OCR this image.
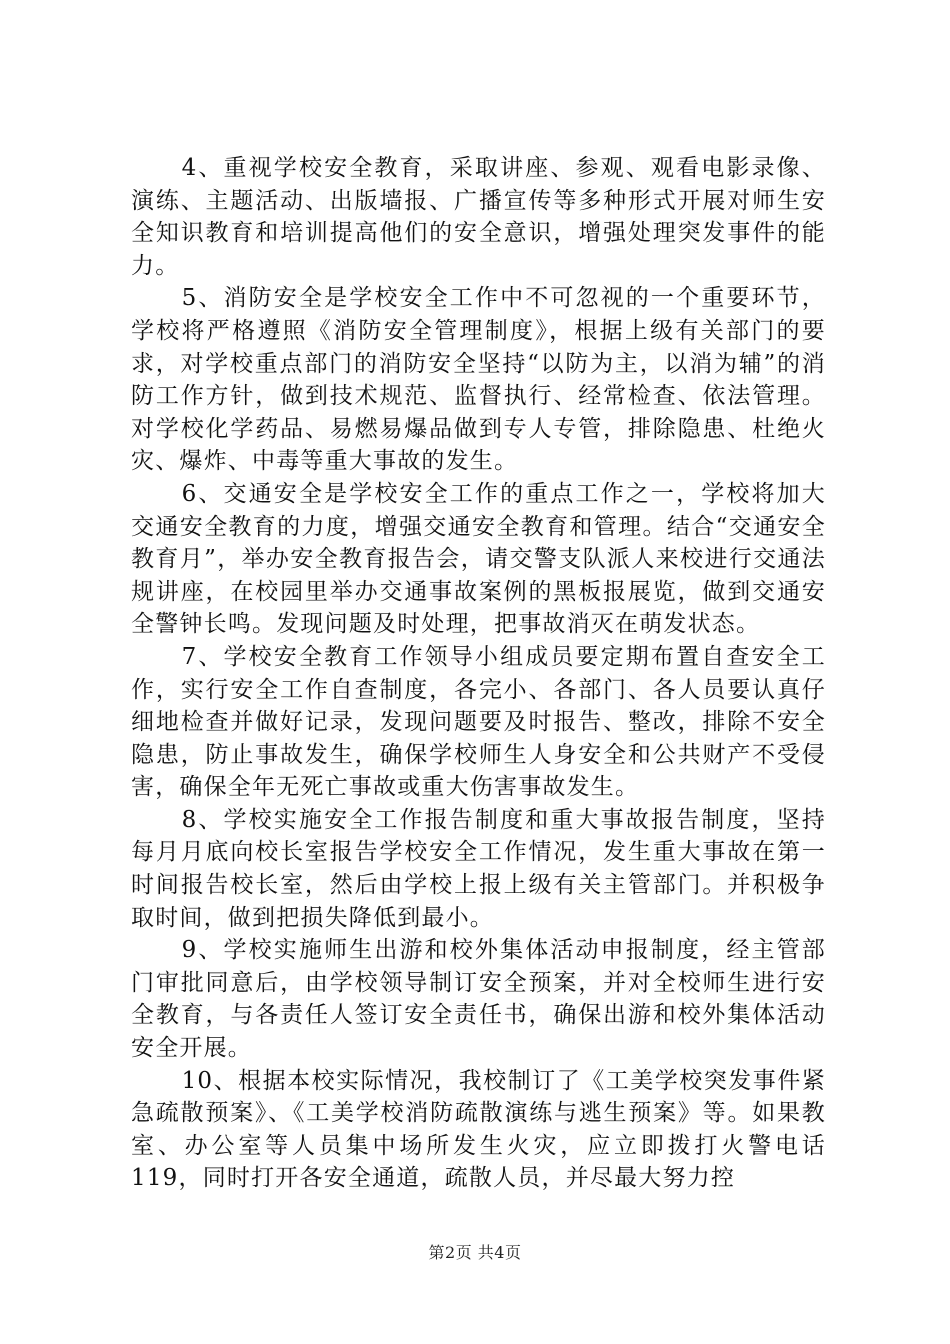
4、重视学校安全教育，采取讲座、参观、观看电影录像、演练、主题活动、出版墙报、广播宣传等多种形式开展对师生安全知识教育和培训提高他们的安全意识，增强处理突发事件的能力。

5、消防安全是学校安全工作中不可忽视的一个重要环节，学校将严格遵照《消防安全管理制度》，根据上级有关部门的要求，对学校重点部门的消防安全坚持“以防为主，以消为辅”的消防工作方针，做到技术规范、监督执行、经常检查、依法管理。对学校化学药品、易燃易爆品做到专人专管，排除隐患、杜绝火灾、爆炸、中毒等重大事故的发生。

6、交通安全是学校安全工作的重点工作之一，学校将加大交通安全教育的力度，增强交通安全教育和管理。结合“交通安全教育月”，举办安全教育报告会，请交警支队派人来校进行交通法规讲座，在校园里举办交通事故案例的黑板报展览，做到交通安全警钟长鸣。发现问题及时处理，把事故消灭在萌发状态。

7、学校安全教育工作领导小组成员要定期布置自查安全工作，实行安全工作自查制度，各完小、各部门、各人员要认真仔细地检查并做好记录，发现问题要及时报告、整改，排除不安全隐患，防止事故发生，确保学校师生人身安全和公共财产不受侵害，确保全年无死亡事故或重大伤害事故发生。

8、学校实施安全工作报告制度和重大事故报告制度，坚持每月月底向校长室报告学校安全工作情况，发生重大事故在第一时间报告校长室，然后由学校上报上级有关主管部门。并积极争取时间，做到把损失降低到最小。

9、学校实施师生出游和校外集体活动申报制度，经主管部门审批同意后，由学校领导制订安全预案，并对全校师生进行安全教育，与各责任人签订安全责任书，确保出游和校外集体活动安全开展。

10、根据本校实际情况，我校制订了《工美学校突发事件紧急疏散预案》、《工美学校消防疏散演练与逃生预案》等。如果教室、办公室等人员集中场所发生火灾，应立即拨打火警电话119，同时打开各安全通道，疏散人员，并尽最大努力控

第2页 共4页
